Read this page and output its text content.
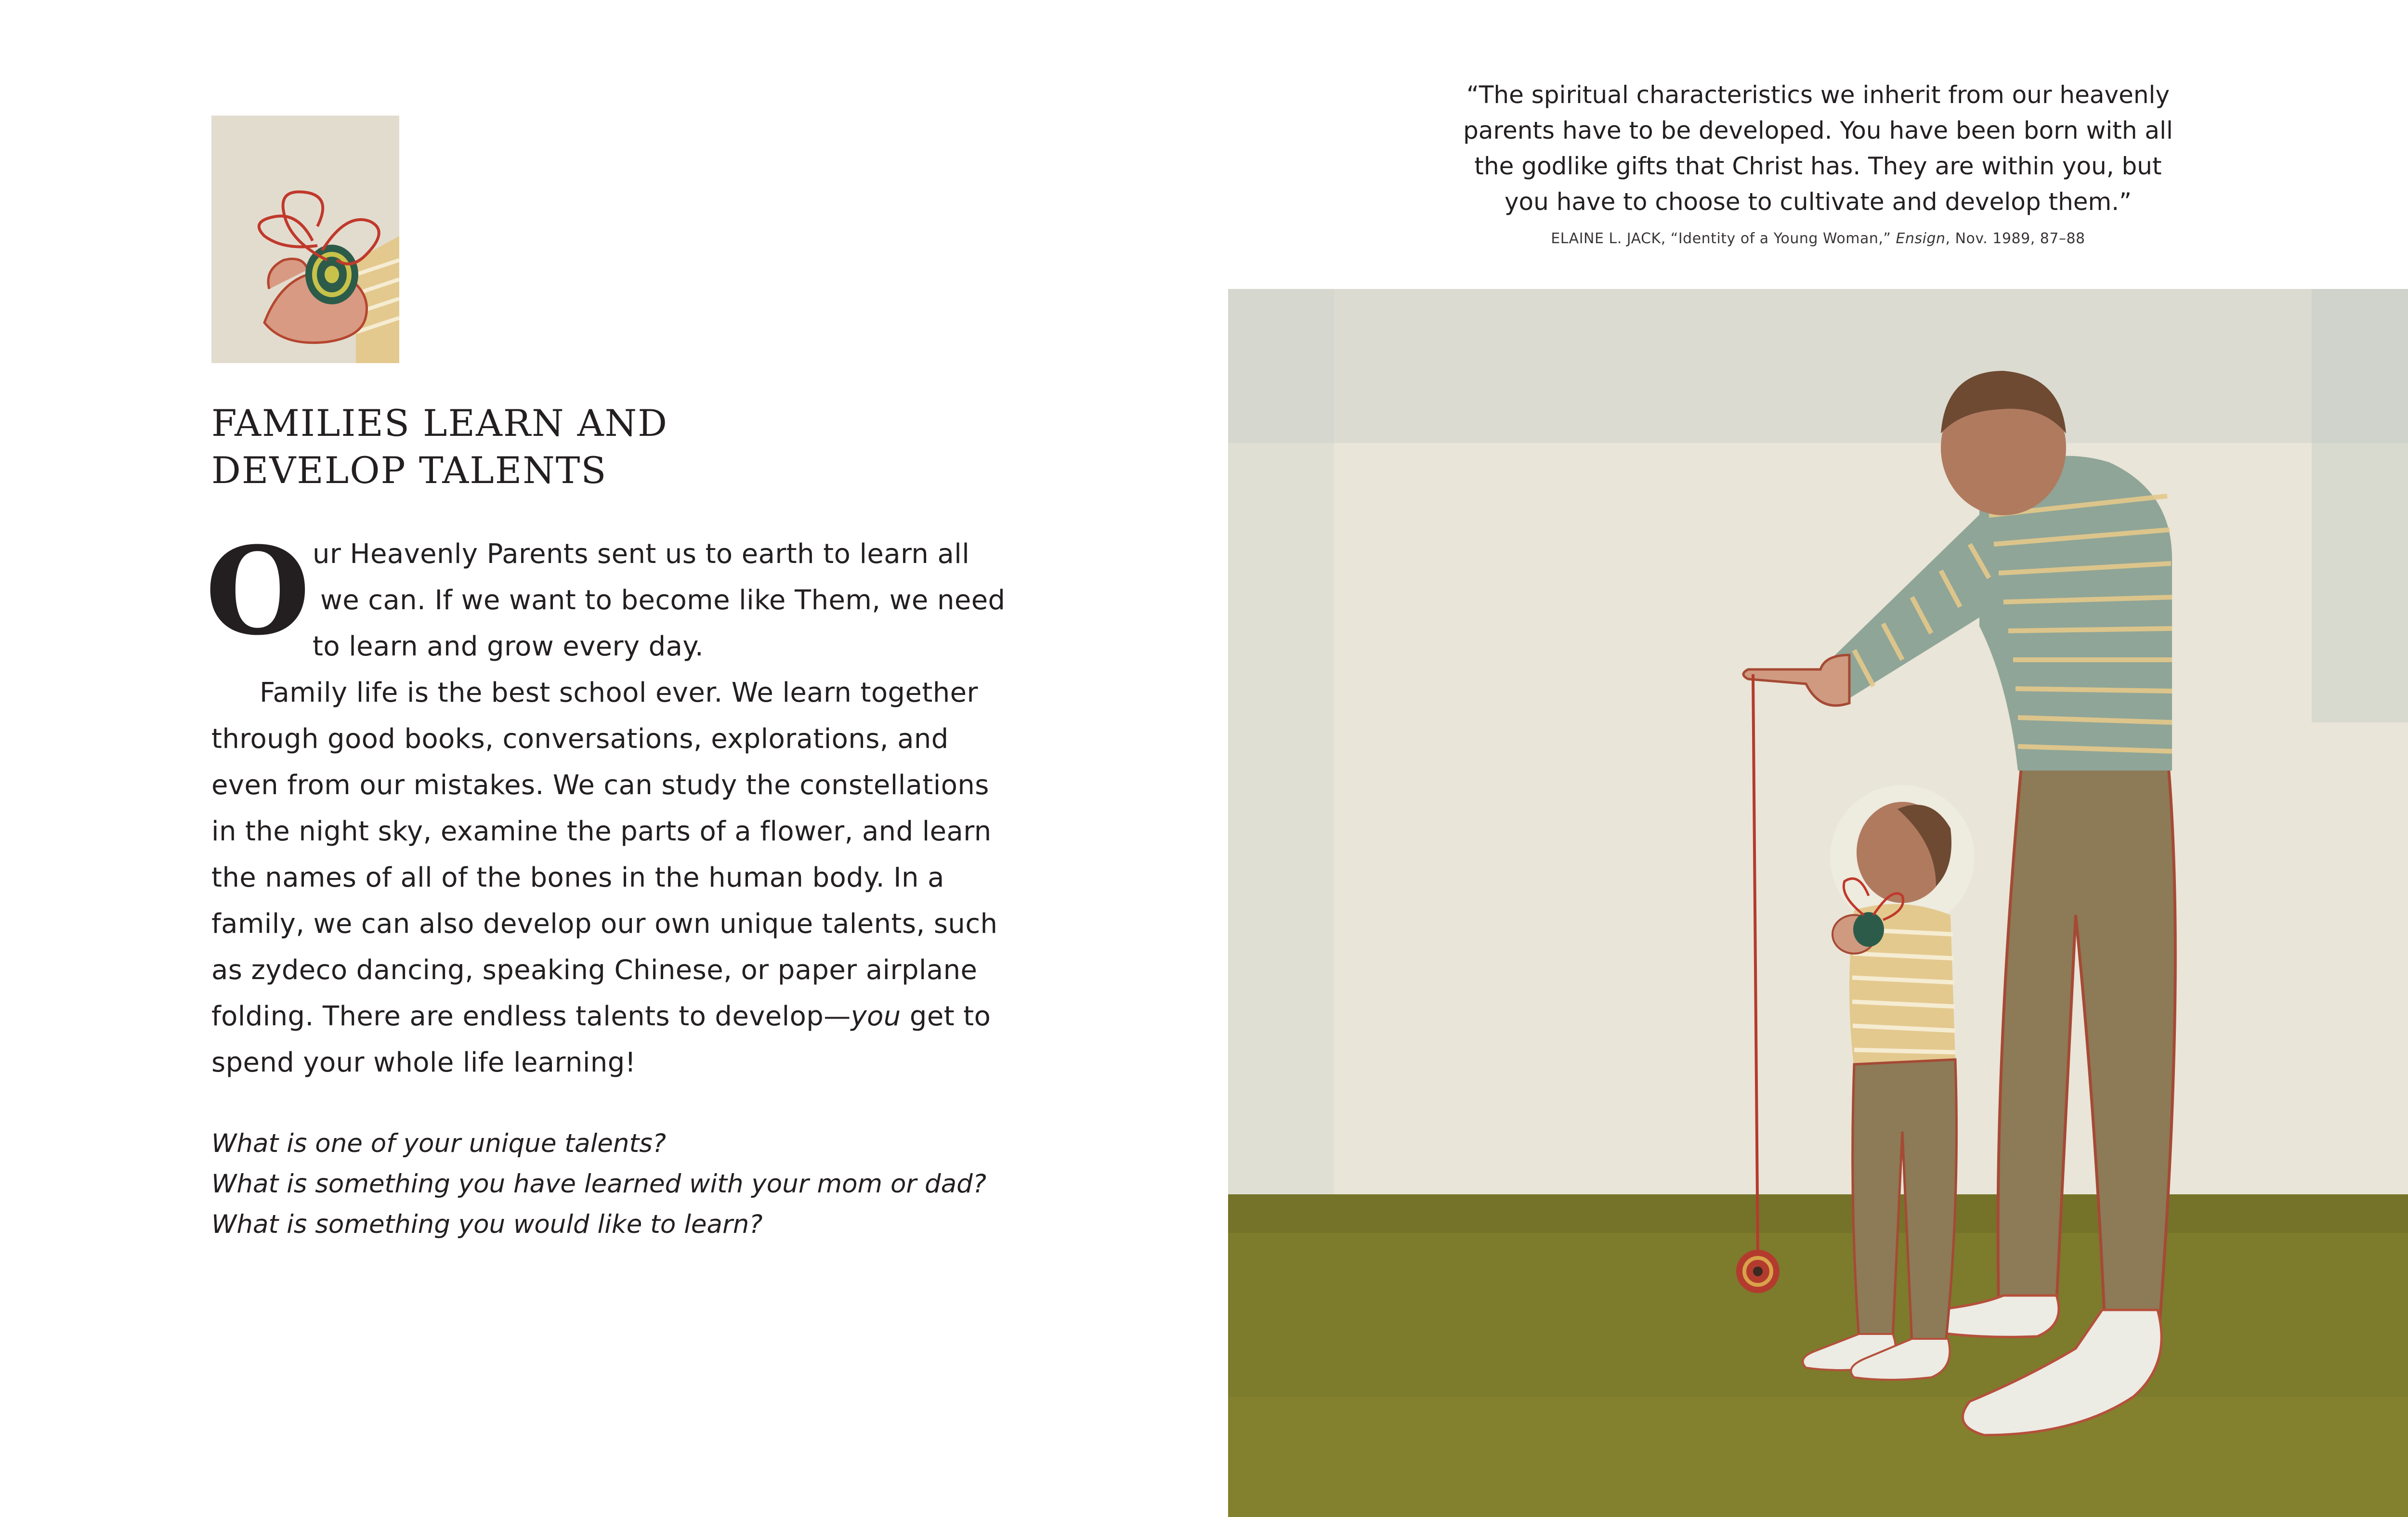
FAMILIES LEARN AND
DEVELOP TALENTS
O ur Heavenly Parents sent us to earth to learn all
we can. If we want to become like Them, we need
to learn and grow every day.
Family life is the best school ever. We learn together
through good books, conversations, explorations, and
even from our mistakes. We can study the constellations
in the night sky, examine the parts of a flower, and learn
the names of all of the bones in the human body. In a
family, we can also develop our own unique talents, such
as zydeco dancing, speaking Chinese, or paper airplane
folding. There are endless talents to develop—you get to
spend your whole life learning!
What is one of your unique talents?
What is something you have learned with your mom or dad?
What is something you would like to learn?
“The spiritual characteristics we inherit from our heavenly
parents have to be developed. You have been born with all
the godlike gifts that Christ has. They are within you, but
you have to choose to cultivate and develop them.”
ELAINE L. JACK, “Identity of a Young Woman,” Ensign, Nov. 1989, 87–88
